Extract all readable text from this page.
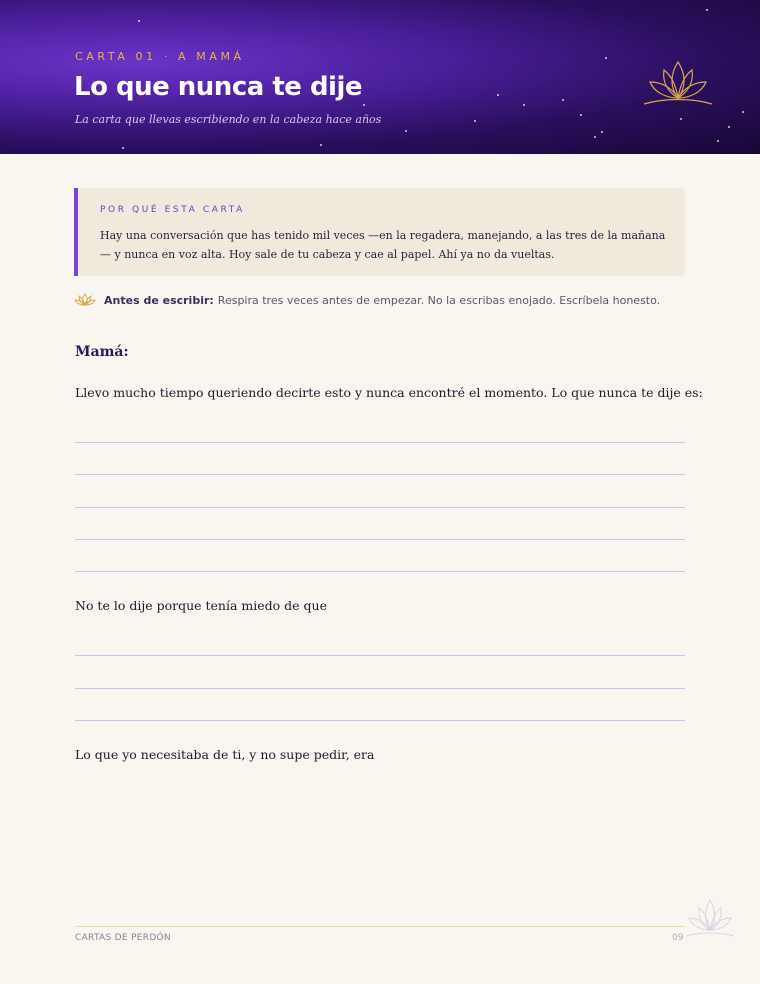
CARTA 01 · A MAMÁ
Lo que nunca te dije
La carta que llevas escribiendo en la cabeza hace años
POR QUÉ ESTA CARTA
Hay una conversación que has tenido mil veces —en la regadera, manejando, a las tres de la mañana— y nunca en voz alta. Hoy sale de tu cabeza y cae al papel. Ahí ya no da vueltas.
Antes de escribir: Respira tres veces antes de empezar. No la escribas enojado. Escríbela honesto.
Mamá:
Llevo mucho tiempo queriendo decirte esto y nunca encontré el momento. Lo que nunca te dije es:
No te lo dije porque tenía miedo de que
Lo que yo necesitaba de ti, y no supe pedir, era
CARTAS DE PERDÓN	09
